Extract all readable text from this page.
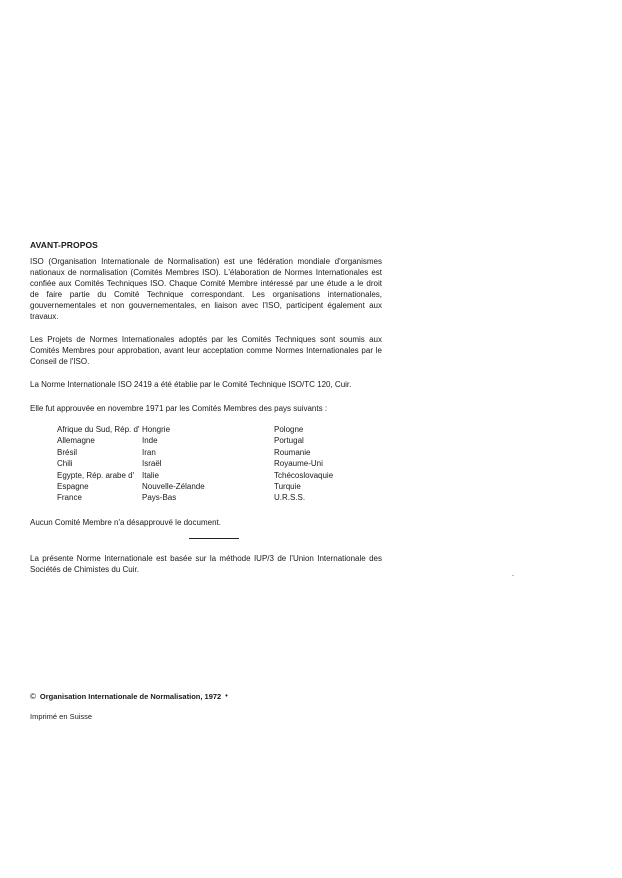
AVANT-PROPOS

ISO (Organisation Internationale de Normalisation) est une fédération mondiale d'organismes nationaux de normalisation (Comités Membres ISO). L'élaboration de Normes Internationales est confiée aux Comités Techniques ISO. Chaque Comité Membre intéressé par une étude a le droit de faire partie du Comité Technique correspondant. Les organisations internationales, gouvernementales et non gouvernementales, en liaison avec l'ISO, participent également aux travaux.

Les Projets de Normes Internationales adoptés par les Comités Techniques sont soumis aux Comités Membres pour approbation, avant leur acceptation comme Normes Internationales par le Conseil de l'ISO.

La Norme Internationale ISO 2419 a été établie par le Comité Technique ISO/TC 120, Cuir.

Elle fut approuvée en novembre 1971 par les Comités Membres des pays suivants :

Afrique du Sud, Rép. d'
Allemagne
Brésil
Chili
Egypte, Rép. arabe d'
Espagne
France
Hongrie
Inde
Iran
Israël
Italie
Nouvelle-Zélande
Pays-Bas
Pologne
Portugal
Roumanie
Royaume-Uni
Tchécoslovaquie
Turquie
U.R.S.S.

Aucun Comité Membre n'a désapprouvé le document.

La présente Norme Internationale est basée sur la méthode IUP/3 de l'Union Internationale des Sociétés de Chimistes du Cuir.

© Organisation Internationale de Normalisation, 1972 •
Imprimé en Suisse
